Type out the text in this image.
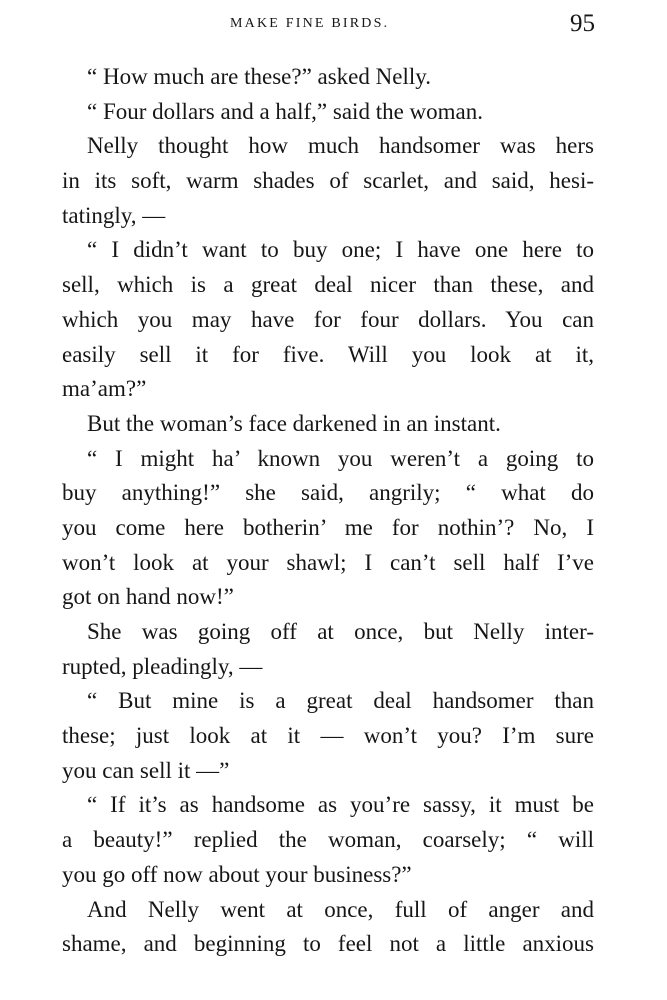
MAKE FINE BIRDS.	95
“ How much are these?” asked Nelly.
“ Four dollars and a half,” said the woman.
Nelly thought how much handsomer was hers
in its soft, warm shades of scarlet, and said, hesi-
tatingly, —
“ I didn’t want to buy one; I have one here to
sell, which is a great deal nicer than these, and
which you may have for four dollars. You can
easily sell it for five. Will you look at it,
ma’am?”
But the woman’s face darkened in an instant.
“ I might ha’ known you weren’t a going to
buy anything!” she said, angrily; “ what do
you come here botherin’ me for nothin’? No, I
won’t look at your shawl; I can’t sell half I’ve
got on hand now!”
She was going off at once, but Nelly inter-
rupted, pleadingly, —
“ But mine is a great deal handsomer than
these; just look at it — won’t you? I’m sure
you can sell it —”
“ If it’s as handsome as you’re sassy, it must be
a beauty!” replied the woman, coarsely; “ will
you go off now about your business?”
And Nelly went at once, full of anger and
shame, and beginning to feel not a little anxious
